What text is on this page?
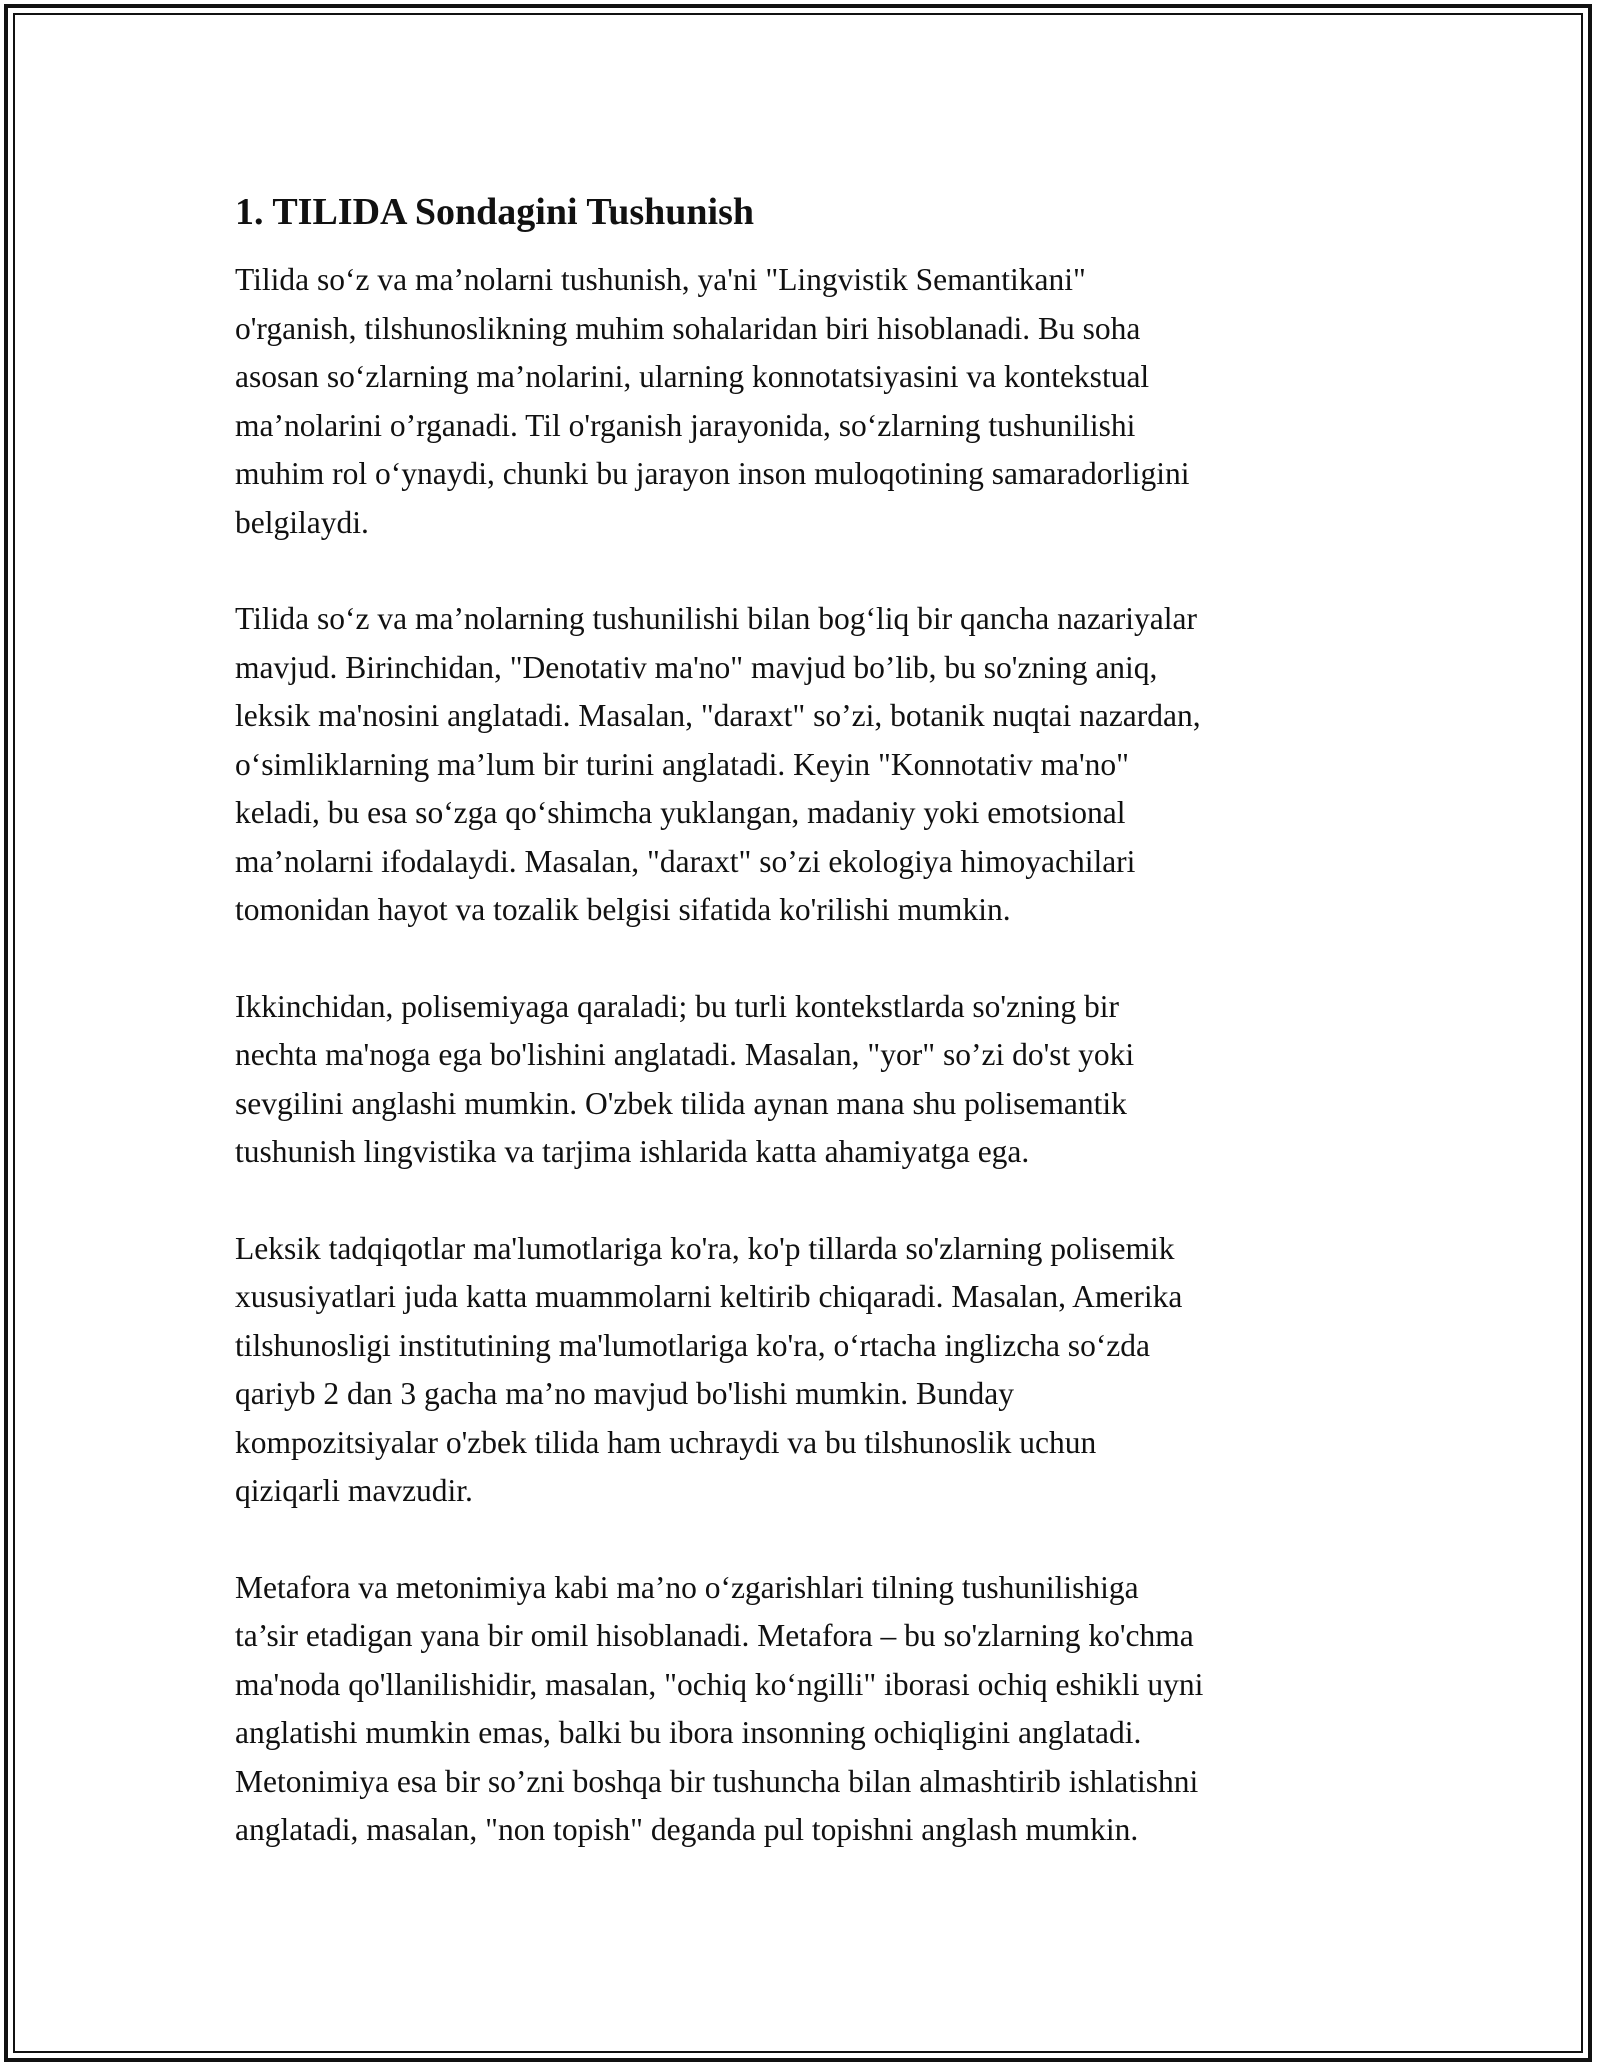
1. TILIDA Sondagini Tushunish

Tilida so‘z va ma’nolarni tushunish, ya'ni "Lingvistik Semantikani"
o'rganish, tilshunoslikning muhim sohalaridan biri hisoblanadi. Bu soha
asosan so‘zlarning ma’nolarini, ularning konnotatsiyasini va kontekstual
ma’nolarini o’rganadi. Til o'rganish jarayonida, so‘zlarning tushunilishi
muhim rol o‘ynaydi, chunki bu jarayon inson muloqotining samaradorligini
belgilaydi.

Tilida so‘z va ma’nolarning tushunilishi bilan bog‘liq bir qancha nazariyalar
mavjud. Birinchidan, "Denotativ ma'no" mavjud bo’lib, bu so'zning aniq,
leksik ma'nosini anglatadi. Masalan, "daraxt" so’zi, botanik nuqtai nazardan,
o‘simliklarning ma’lum bir turini anglatadi. Keyin "Konnotativ ma'no"
keladi, bu esa so‘zga qo‘shimcha yuklangan, madaniy yoki emotsional
ma’nolarni ifodalaydi. Masalan, "daraxt" so’zi ekologiya himoyachilari
tomonidan hayot va tozalik belgisi sifatida ko'rilishi mumkin.

Ikkinchidan, polisemiyaga qaraladi; bu turli kontekstlarda so'zning bir
nechta ma'noga ega bo'lishini anglatadi. Masalan, "yor" so’zi do'st yoki
sevgilini anglashi mumkin. O'zbek tilida aynan mana shu polisemantik
tushunish lingvistika va tarjima ishlarida katta ahamiyatga ega.

Leksik tadqiqotlar ma'lumotlariga ko'ra, ko'p tillarda so'zlarning polisemik
xususiyatlari juda katta muammolarni keltirib chiqaradi. Masalan, Amerika
tilshunosligi institutining ma'lumotlariga ko'ra, o‘rtacha inglizcha so‘zda
qariyb 2 dan 3 gacha ma’no mavjud bo'lishi mumkin. Bunday
kompozitsiyalar o'zbek tilida ham uchraydi va bu tilshunoslik uchun
qiziqarli mavzudir.

Metafora va metonimiya kabi ma’no o‘zgarishlari tilning tushunilishiga
ta’sir etadigan yana bir omil hisoblanadi. Metafora – bu so'zlarning ko'chma
ma'noda qo'llanilishidir, masalan, "ochiq ko‘ngilli" iborasi ochiq eshikli uyni
anglatishi mumkin emas, balki bu ibora insonning ochiqligini anglatadi.
Metonimiya esa bir so’zni boshqa bir tushuncha bilan almashtirib ishlatishni
anglatadi, masalan, "non topish" deganda pul topishni anglash mumkin.
